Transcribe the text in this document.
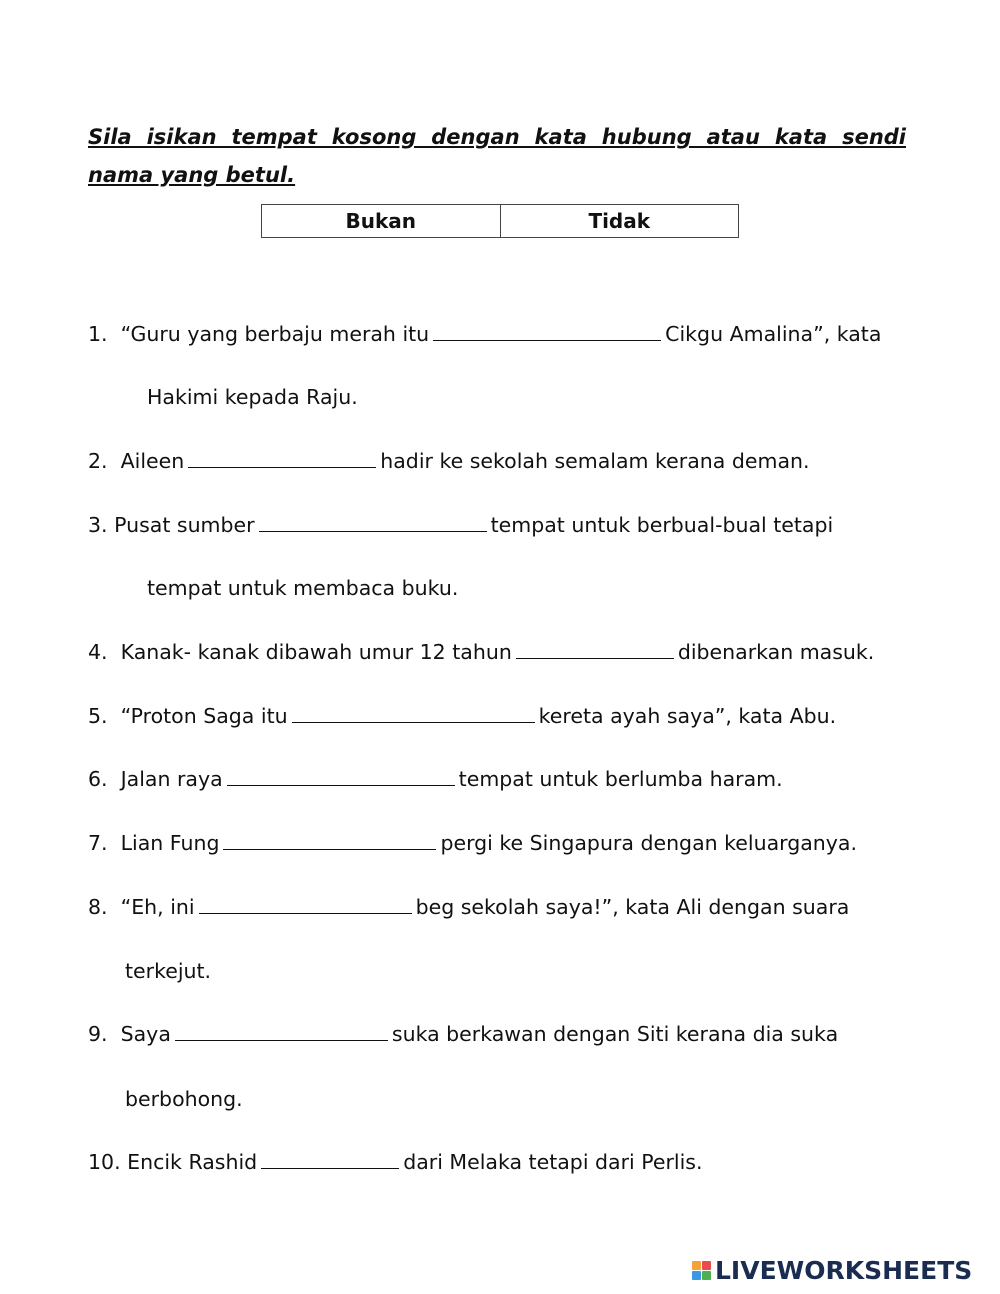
Sila isikan tempat kosong dengan kata hubung atau kata sendi nama yang betul.
Bukan	Tidak
1. “Guru yang berbaju merah itu	Cikgu Amalina”, kata
Hakimi kepada Raju.
2. Aileen	hadir ke sekolah semalam kerana deman.
3. Pusat sumber	tempat untuk berbual-bual tetapi
tempat untuk membaca buku.
4. Kanak- kanak dibawah umur 12 tahun	dibenarkan masuk.
5. “Proton Saga itu	kereta ayah saya”, kata Abu.
6. Jalan raya	tempat untuk berlumba haram.
7. Lian Fung	pergi ke Singapura dengan keluarganya.
8. “Eh, ini	beg sekolah saya!”, kata Ali dengan suara
terkejut.
9. Saya	suka berkawan dengan Siti kerana dia suka
berbohong.
10. Encik Rashid	dari Melaka tetapi dari Perlis.
LIVEWORKSHEETS
